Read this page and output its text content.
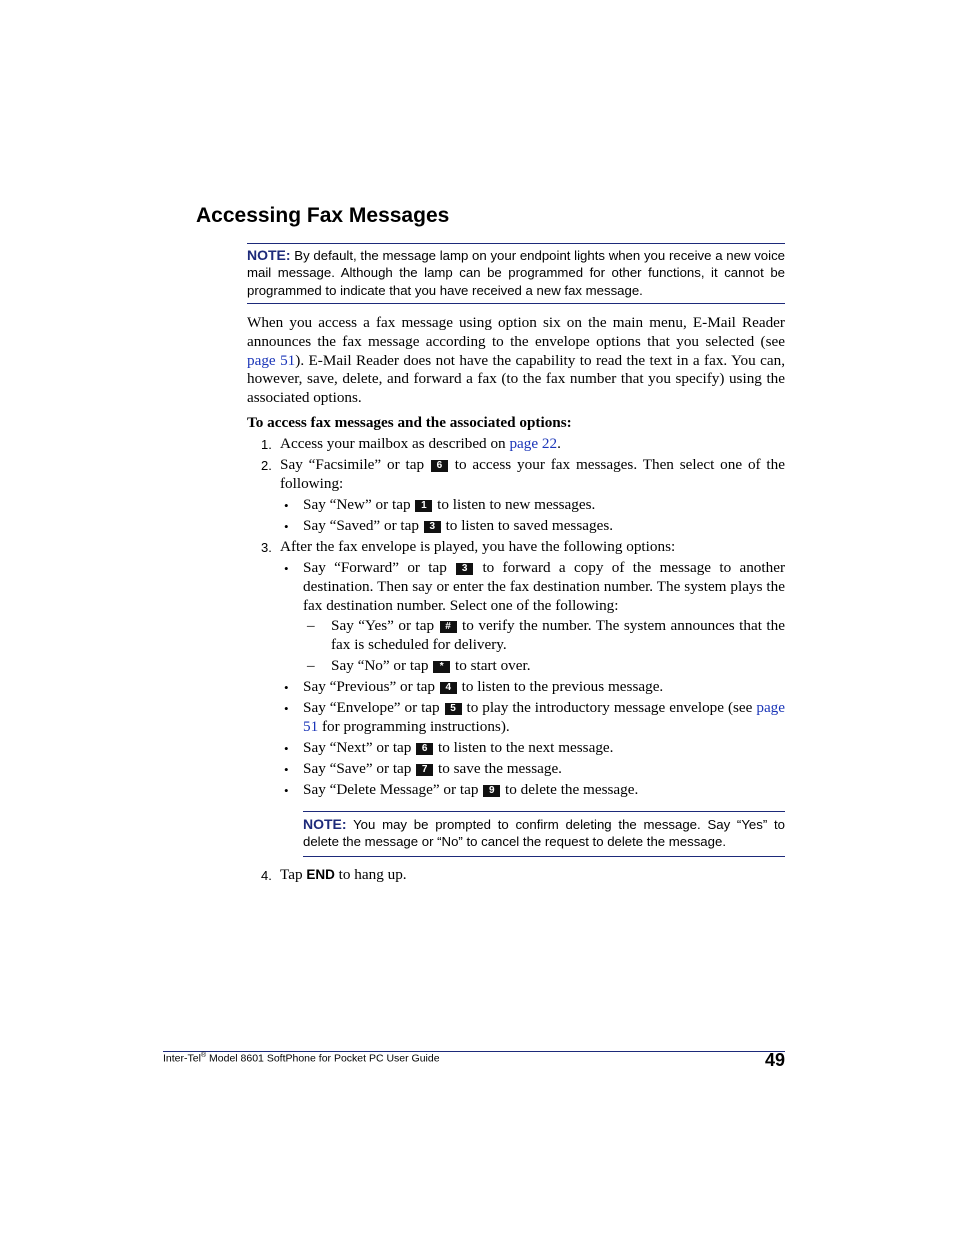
Accessing Fax Messages
NOTE: By default, the message lamp on your endpoint lights when you receive a new voice mail message. Although the lamp can be programmed for other functions, it cannot be programmed to indicate that you have received a new fax message.

When you access a fax message using option six on the main menu, E-Mail Reader announces the fax message according to the envelope options that you selected (see page 51). E-Mail Reader does not have the capability to read the text in a fax. You can, however, save, delete, and forward a fax (to the fax number that you specify) using the associated options.

To access fax messages and the associated options:
1. Access your mailbox as described on page 22.
2. Say “Facsimile” or tap 6 to access your fax messages. Then select one of the following:
• Say “New” or tap 1 to listen to new messages.
• Say “Saved” or tap 3 to listen to saved messages.
3. After the fax envelope is played, you have the following options:
• Say “Forward” or tap 3 to forward a copy of the message to another destination. Then say or enter the fax destination number. The system plays the fax destination number. Select one of the following:
– Say “Yes” or tap # to verify the number. The system announces that the fax is scheduled for delivery.
– Say “No” or tap * to start over.
• Say “Previous” or tap 4 to listen to the previous message.
• Say “Envelope” or tap 5 to play the introductory message envelope (see page 51 for programming instructions).
• Say “Next” or tap 6 to listen to the next message.
• Say “Save” or tap 7 to save the message.
• Say “Delete Message” or tap 9 to delete the message.
NOTE: You may be prompted to confirm deleting the message. Say “Yes” to delete the message or “No” to cancel the request to delete the message.
4. Tap END to hang up.
Inter-Tel® Model 8601 SoftPhone for Pocket PC User Guide	49
